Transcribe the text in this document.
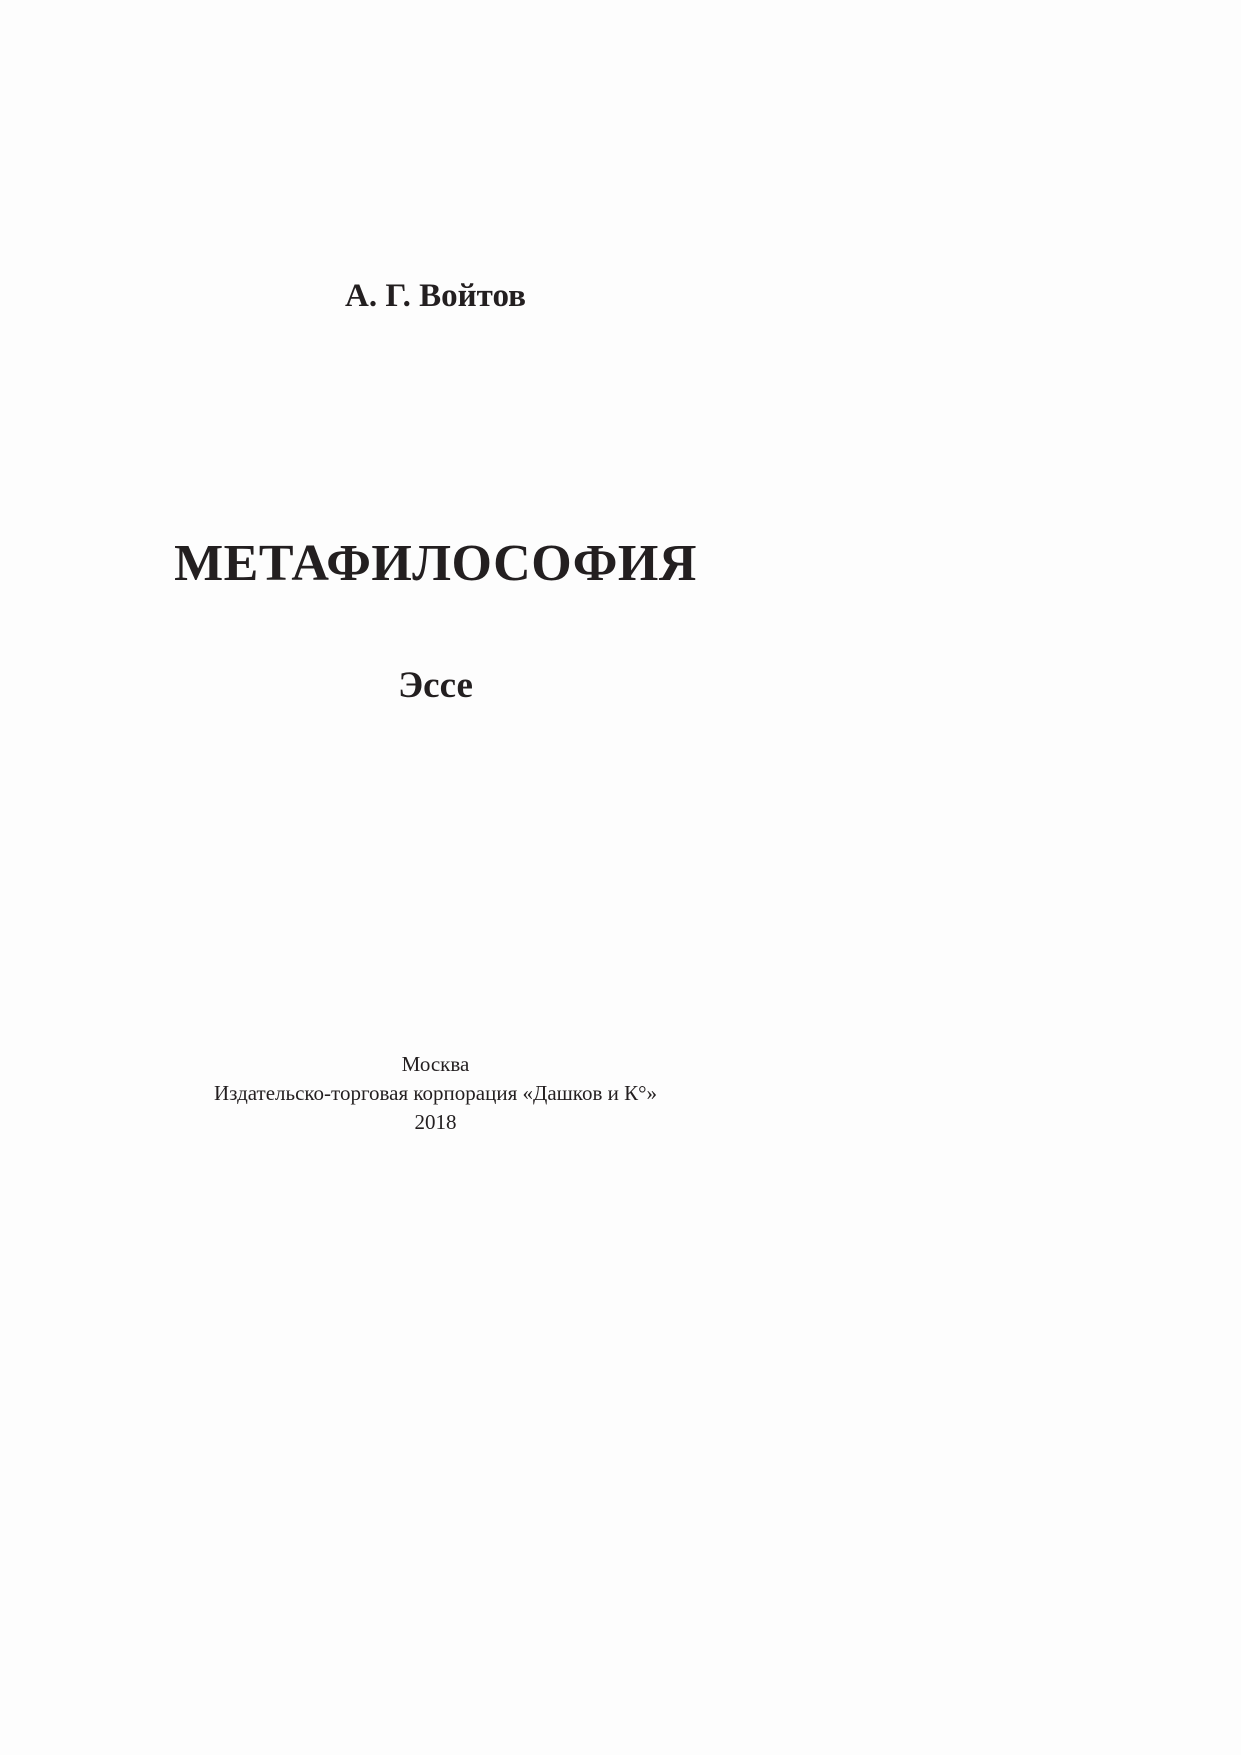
А. Г. Войтов
МЕТАФИЛОСОФИЯ
Эссе
Москва
Издательско-торговая корпорация «Дашков и К°»
2018
